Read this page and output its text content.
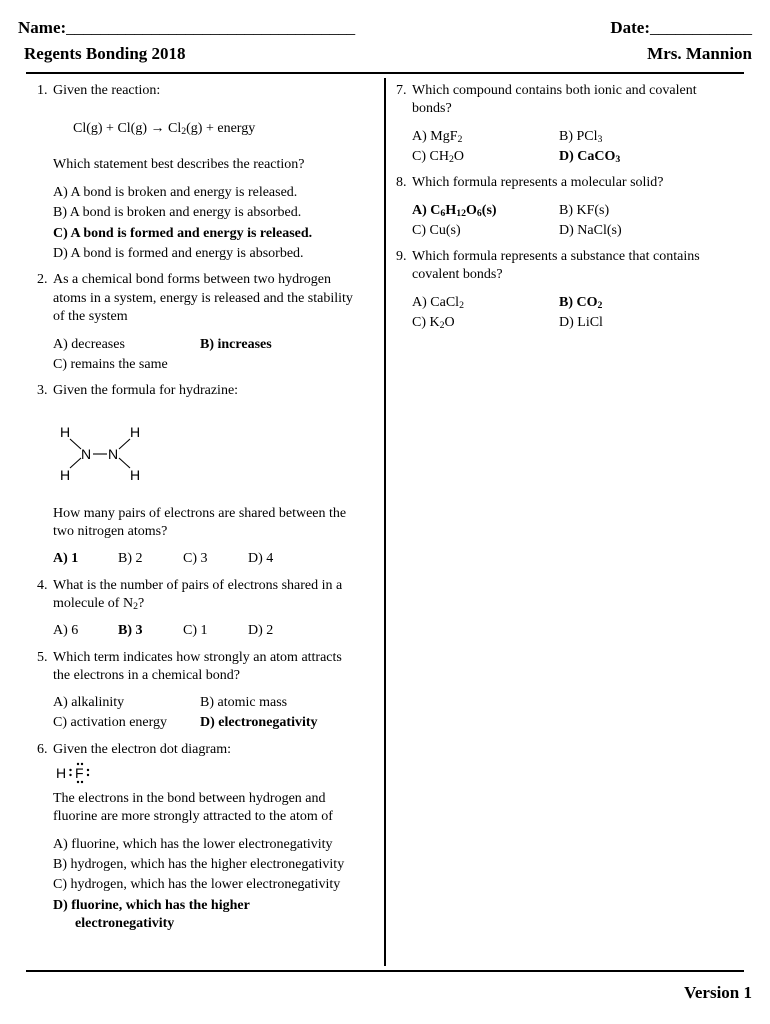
Name:__________________________________	Date:____________
Regents Bonding 2018	Mrs. Mannion
Version 1
1. Given the reaction:
$Cl(g) + Cl(g) \to Cl_2(g)$ + energy
Which statement best describes the reaction?
A) A bond is broken and energy is released.
B) A bond is broken and energy is absorbed.
C) A bond is formed and energy is released.
D) A bond is formed and energy is absorbed.
2. As a chemical bond forms between two hydrogen
atoms in a system, energy is released and the stability
of the system
A) decreases	B) increases
C) remains the same
3. Given the formula for hydrazine:
H	H
N N
H	H
How many pairs of electrons are shared between the
two nitrogen atoms?
A) 1	B) 2	C) 3	D) 4
4. What is the number of pairs of electrons shared in a
molecule of $N_2$?
A) 6	B) 3	C) 1	D) 2
5. Which term indicates how strongly an atom attracts
the electrons in a chemical bond?
A) alkalinity	B) atomic mass
C) activation energy D) electronegativity
6. Given the electron dot diagram:
H F
The electrons in the bond between hydrogen and
fluorine are more strongly attracted to the atom of
A) fluorine, which has the lower electronegativity
B) hydrogen, which has the higher electronegativity
C) hydrogen, which has the lower electronegativity
D) fluorine, which has the higher
electronegativity
7. Which compound contains both ionic and covalent
bonds?
A) MgF$_2$	B) PCl$_3$
C) $CH_2O$	D) CaCO$_3$
8. Which formula represents a molecular solid?
A) $C_6H_{12}O_6(s)$	B) KF(s)
C) Cu(s)	D) NaCl(s)
9. Which formula represents a substance that contains
covalent bonds?
A) CaCl$_2$	B) $CO_2$
C) $K_2O$	D) LiCl
